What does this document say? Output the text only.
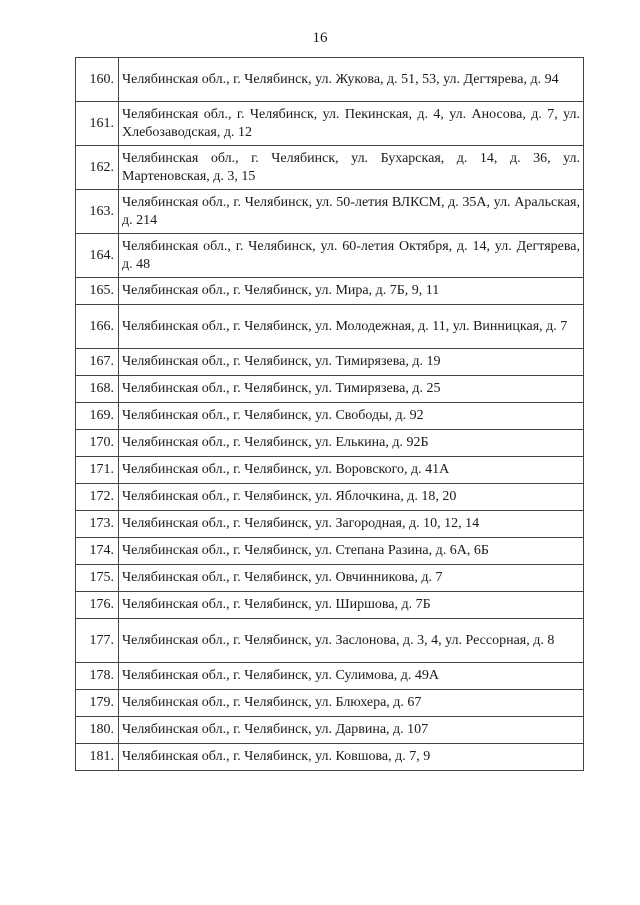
16
160.	Челябинская обл., г. Челябинск, ул. Жукова, д. 51, 53, ул. Дегтярева, д. 94
161.	Челябинская обл., г. Челябинск, ул. Пекинская, д. 4, ул. Аносова, д. 7, ул. Хлебозаводская, д. 12
162.	Челябинская обл., г. Челябинск, ул. Бухарская, д. 14, д. 36, ул. Мартеновская, д. 3, 15
163.	Челябинская обл., г. Челябинск, ул. 50-летия ВЛКСМ, д. 35А, ул. Аральская, д. 214
164.	Челябинская обл., г. Челябинск, ул. 60-летия Октября, д. 14, ул. Дегтярева, д. 48
165.	Челябинская обл., г. Челябинск, ул. Мира, д. 7Б, 9, 11
166.	Челябинская обл., г. Челябинск, ул. Молодежная, д. 11, ул. Винницкая, д. 7
167.	Челябинская обл., г. Челябинск, ул. Тимирязева, д. 19
168.	Челябинская обл., г. Челябинск, ул. Тимирязева, д. 25
169.	Челябинская обл., г. Челябинск, ул. Свободы, д. 92
170.	Челябинская обл., г. Челябинск, ул. Елькина, д. 92Б
171.	Челябинская обл., г. Челябинск, ул. Воровского, д. 41А
172.	Челябинская обл., г. Челябинск, ул. Яблочкина, д. 18, 20
173.	Челябинская обл., г. Челябинск, ул. Загородная, д. 10, 12, 14
174.	Челябинская обл., г. Челябинск, ул. Степана Разина, д. 6А, 6Б
175.	Челябинская обл., г. Челябинск, ул. Овчинникова, д. 7
176.	Челябинская обл., г. Челябинск, ул. Ширшова, д. 7Б
177.	Челябинская обл., г. Челябинск, ул. Заслонова, д. 3, 4, ул. Рессорная, д. 8
178.	Челябинская обл., г. Челябинск, ул. Сулимова, д. 49А
179.	Челябинская обл., г. Челябинск, ул. Блюхера, д. 67
180.	Челябинская обл., г. Челябинск, ул. Дарвина, д. 107
181.	Челябинская обл., г. Челябинск, ул. Ковшова, д. 7, 9
